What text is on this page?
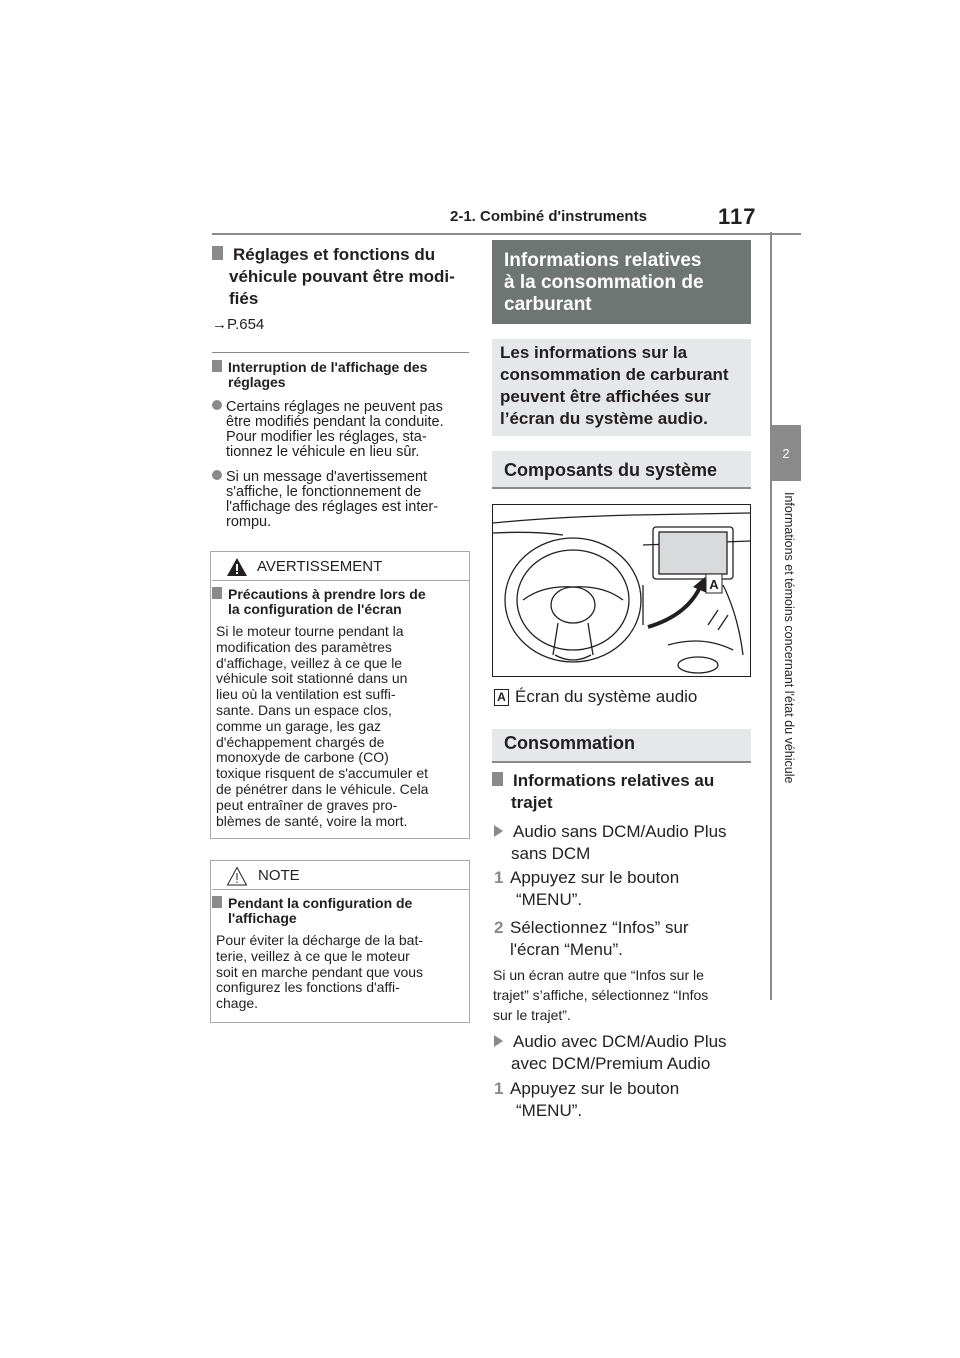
2-1. Combiné d'instruments	117
2
Informations et témoins concernant l'état du véhicule
Réglages et fonctions du
véhicule pouvant être modi-
fiés
→P.654
Interruption de l'affichage des
réglages
Certains réglages ne peuvent pas
être modifiés pendant la conduite.
Pour modifier les réglages, sta-
tionnez le véhicule en lieu sûr.
Si un message d'avertissement
s'affiche, le fonctionnement de
l'affichage des réglages est inter-
rompu.
AVERTISSEMENT
Précautions à prendre lors de
la configuration de l'écran
Si le moteur tourne pendant la
modification des paramètres
d'affichage, veillez à ce que le
véhicule soit stationné dans un
lieu où la ventilation est suffi-
sante. Dans un espace clos,
comme un garage, les gaz
d'échappement chargés de
monoxyde de carbone (CO)
toxique risquent de s'accumuler et
de pénétrer dans le véhicule. Cela
peut entraîner de graves pro-
blèmes de santé, voire la mort.
NOTE
Pendant la configuration de
l'affichage
Pour éviter la décharge de la bat-
terie, veillez à ce que le moteur
soit en marche pendant que vous
configurez les fonctions d'affi-
chage.
Informations relatives
à la consommation de
carburant
Les informations sur la
consommation de carburant
peuvent être affichées sur
l’écran du système audio.
Composants du système
A
A Écran du système audio
Consommation
Informations relatives au
trajet
Audio sans DCM/Audio Plus
sans DCM
1 Appuyez sur le bouton
“MENU”.
2 Sélectionnez “Infos” sur
l'écran “Menu”.
Si un écran autre que “Infos sur le
trajet” s’affiche, sélectionnez “Infos
sur le trajet”.
Audio avec DCM/Audio Plus
avec DCM/Premium Audio
1 Appuyez sur le bouton
“MENU”.
